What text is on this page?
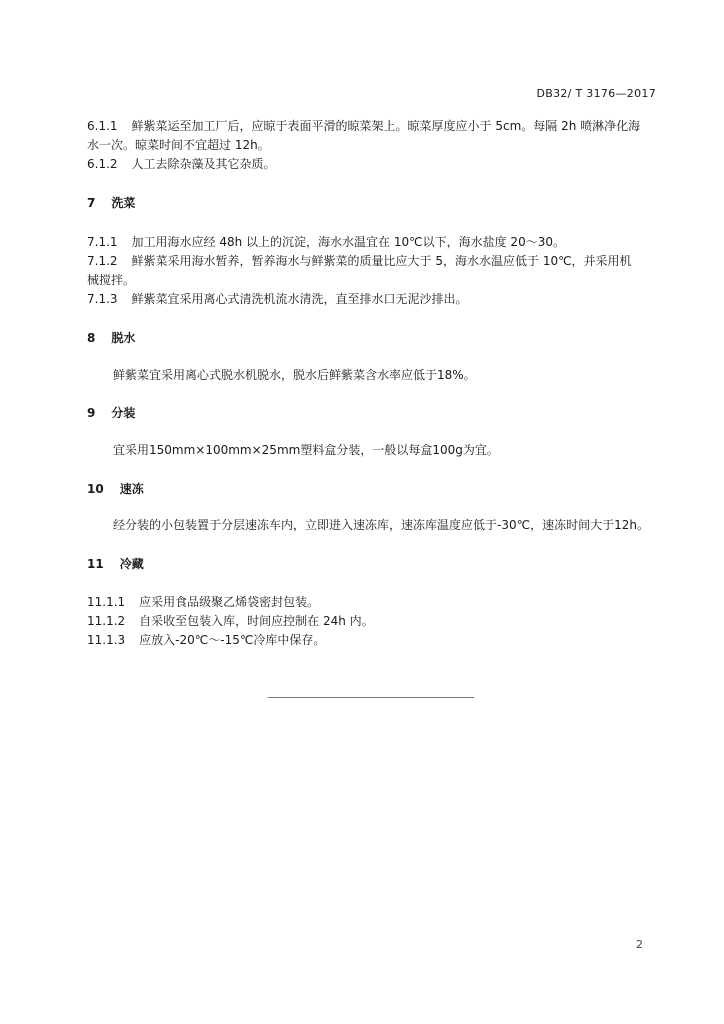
DB32/ T 3176—2017
6.1.1 鲜紫菜运至加工厂后，应晾于表面平滑的晾菜架上。晾菜厚度应小于 5cm。每隔 2h 喷淋净化海
水一次。晾菜时间不宜超过 12h。
6.1.2 人工去除杂藻及其它杂质。
7 洗菜
7.1.1 加工用海水应经 48h 以上的沉淀，海水水温宜在 10℃以下，海水盐度 20～30。
7.1.2 鲜紫菜采用海水暂养，暂养海水与鲜紫菜的质量比应大于 5，海水水温应低于 10℃，并采用机
械搅拌。
7.1.3 鲜紫菜宜采用离心式清洗机流水清洗，直至排水口无泥沙排出。
8 脱水
鲜紫菜宜采用离心式脱水机脱水，脱水后鲜紫菜含水率应低于18%。
9 分装
宜采用150mm×100mm×25mm塑料盒分装，一般以每盒100g为宜。
10 速冻
经分装的小包装置于分层速冻车内，立即进入速冻库，速冻库温度应低于-30℃，速冻时间大于12h。
11 冷藏
11.1.1 应采用食品级聚乙烯袋密封包装。
11.1.2 自采收至包装入库，时间应控制在 24h 内。
11.1.3 应放入-20℃～-15℃冷库中保存。
2
